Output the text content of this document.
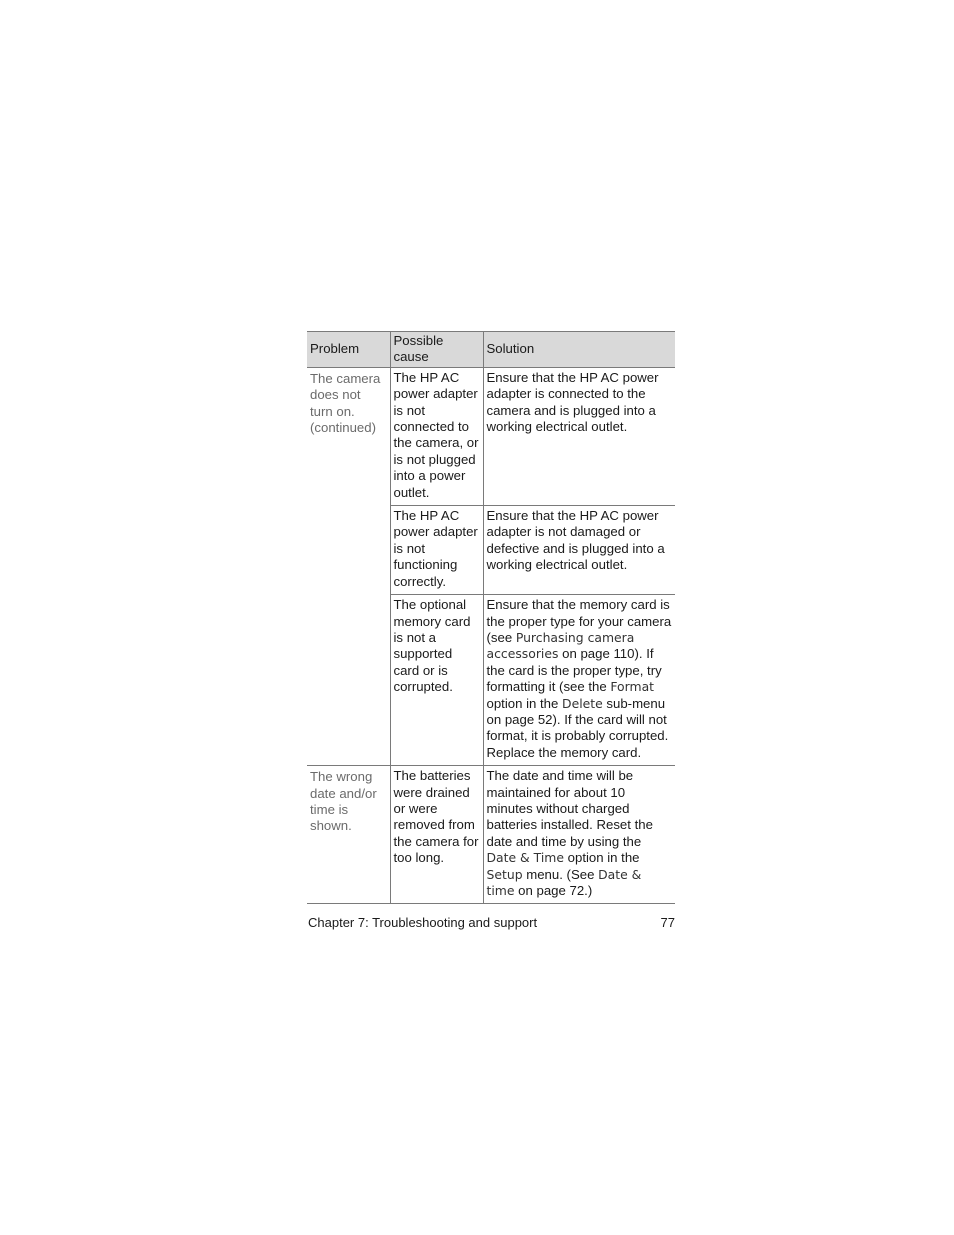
Problem	Possible cause	Solution
The camera does not turn on. (continued)	The HP AC power adapter is not connected to the camera, or is not plugged into a power outlet.	Ensure that the HP AC power adapter is connected to the camera and is plugged into a working electrical outlet.
	The HP AC power adapter is not functioning correctly.	Ensure that the HP AC power adapter is not damaged or defective and is plugged into a working electrical outlet.
	The optional memory card is not a supported card or is corrupted.	Ensure that the memory card is the proper type for your camera (see Purchasing camera accessories on page 110). If the card is the proper type, try formatting it (see the Format option in the Delete sub-menu on page 52). If the card will not format, it is probably corrupted. Replace the memory card.
The wrong date and/or time is shown.	The batteries were drained or were removed from the camera for too long.	The date and time will be maintained for about 10 minutes without charged batteries installed. Reset the date and time by using the Date & Time option in the Setup menu. (See Date & time on page 72.)
Chapter 7: Troubleshooting and support	77
